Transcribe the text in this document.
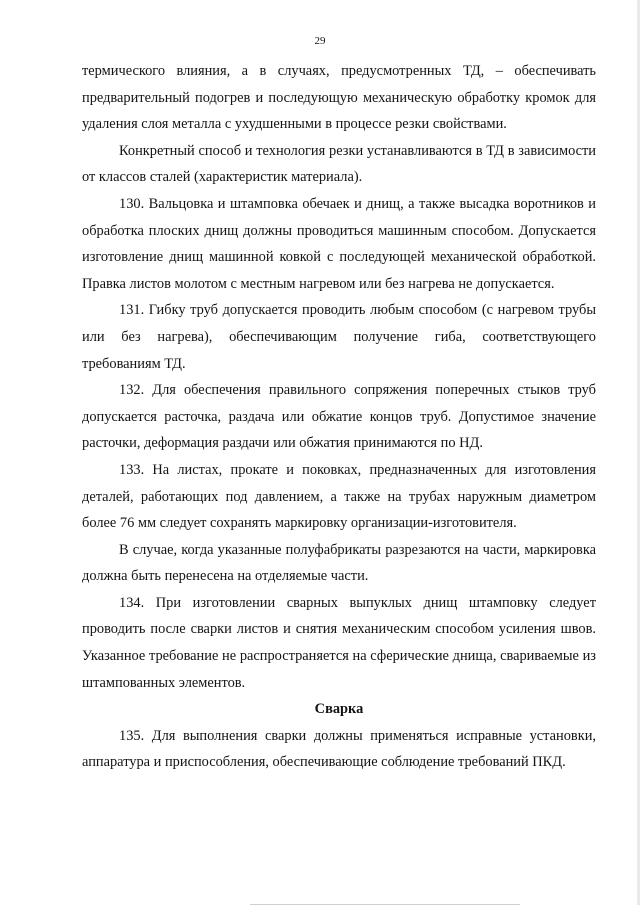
29

термического влияния, а в случаях, предусмотренных ТД, – обеспечивать предварительный подогрев и последующую механическую обработку кромок для удаления слоя металла с ухудшенными в процессе резки свойствами.

Конкретный способ и технология резки устанавливаются в ТД в зависимости от классов сталей (характеристик материала).

130. Вальцовка и штамповка обечаек и днищ, а также высадка воротников и обработка плоских днищ должны проводиться машинным способом. Допускается изготовление днищ машинной ковкой с последующей механической обработкой. Правка листов молотом с местным нагревом или без нагрева не допускается.

131. Гибку труб допускается проводить любым способом (с нагревом трубы или без нагрева), обеспечивающим получение гиба, соответствующего требованиям ТД.

132. Для обеспечения правильного сопряжения поперечных стыков труб допускается расточка, раздача или обжатие концов труб. Допустимое значение расточки, деформация раздачи или обжатия принимаются по НД.

133. На листах, прокате и поковках, предназначенных для изготовления деталей, работающих под давлением, а также на трубах наружным диаметром более 76 мм следует сохранять маркировку организации-изготовителя.

В случае, когда указанные полуфабрикаты разрезаются на части, маркировка должна быть перенесена на отделяемые части.

134. При изготовлении сварных выпуклых днищ штамповку следует проводить после сварки листов и снятия механическим способом усиления швов. Указанное требование не распространяется на сферические днища, свариваемые из штампованных элементов.

Сварка

135. Для выполнения сварки должны применяться исправные установки, аппаратура и приспособления, обеспечивающие соблюдение требований ПКД.
